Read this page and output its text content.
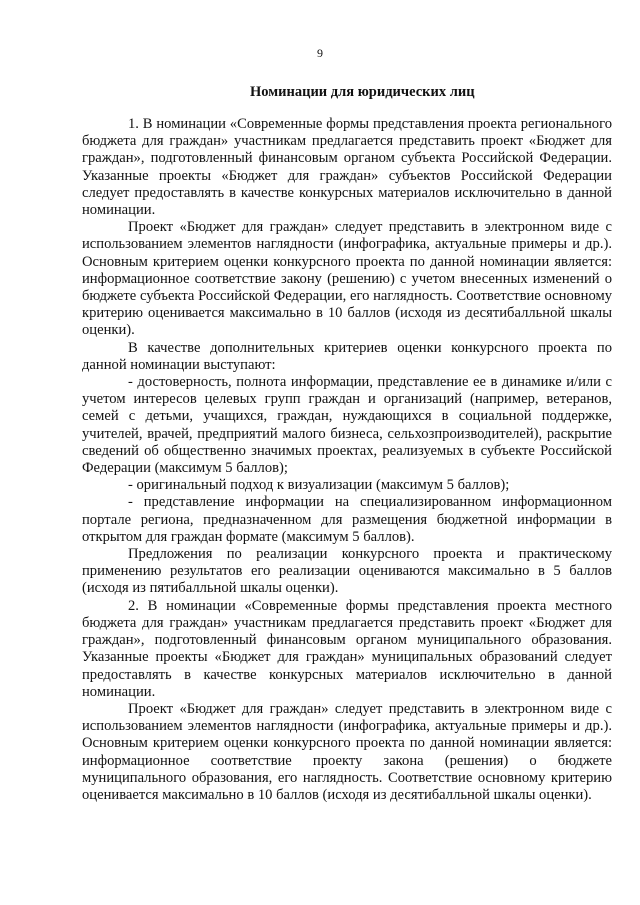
9
Номинации для юридических лиц

1. В номинации «Современные формы представления проекта регионального бюджета для граждан» участникам предлагается представить проект «Бюджет для граждан», подготовленный финансовым органом субъекта Российской Федерации. Указанные проекты «Бюджет для граждан» субъектов Российской Федерации следует предоставлять в качестве конкурсных материалов исключительно в данной номинации.

Проект «Бюджет для граждан» следует представить в электронном виде с использованием элементов наглядности (инфографика, актуальные примеры и др.). Основным критерием оценки конкурсного проекта по данной номинации является: информационное соответствие закону (решению) с учетом внесенных изменений о бюджете субъекта Российской Федерации, его наглядность. Соответствие основному критерию оценивается максимально в 10 баллов (исходя из десятибалльной шкалы оценки).

В качестве дополнительных критериев оценки конкурсного проекта по данной номинации выступают:

- достоверность, полнота информации, представление ее в динамике и/или с учетом интересов целевых групп граждан и организаций (например, ветеранов, семей с детьми, учащихся, граждан, нуждающихся в социальной поддержке, учителей, врачей, предприятий малого бизнеса, сельхозпроизводителей), раскрытие сведений об общественно значимых проектах, реализуемых в субъекте Российской Федерации (максимум 5 баллов);

- оригинальный подход к визуализации (максимум 5 баллов);

- представление информации на специализированном информационном портале региона, предназначенном для размещения бюджетной информации в открытом для граждан формате (максимум 5 баллов).

Предложения по реализации конкурсного проекта и практическому применению результатов его реализации оцениваются максимально в 5 баллов (исходя из пятибалльной шкалы оценки).

2. В номинации «Современные формы представления проекта местного бюджета для граждан» участникам предлагается представить проект «Бюджет для граждан», подготовленный финансовым органом муниципального образования. Указанные проекты «Бюджет для граждан» муниципальных образований следует предоставлять в качестве конкурсных материалов исключительно в данной номинации.

Проект «Бюджет для граждан» следует представить в электронном виде с использованием элементов наглядности (инфографика, актуальные примеры и др.). Основным критерием оценки конкурсного проекта по данной номинации является: информационное соответствие проекту закона (решения) о бюджете муниципального образования, его наглядность. Соответствие основному критерию оценивается максимально в 10 баллов (исходя из десятибалльной шкалы оценки).
